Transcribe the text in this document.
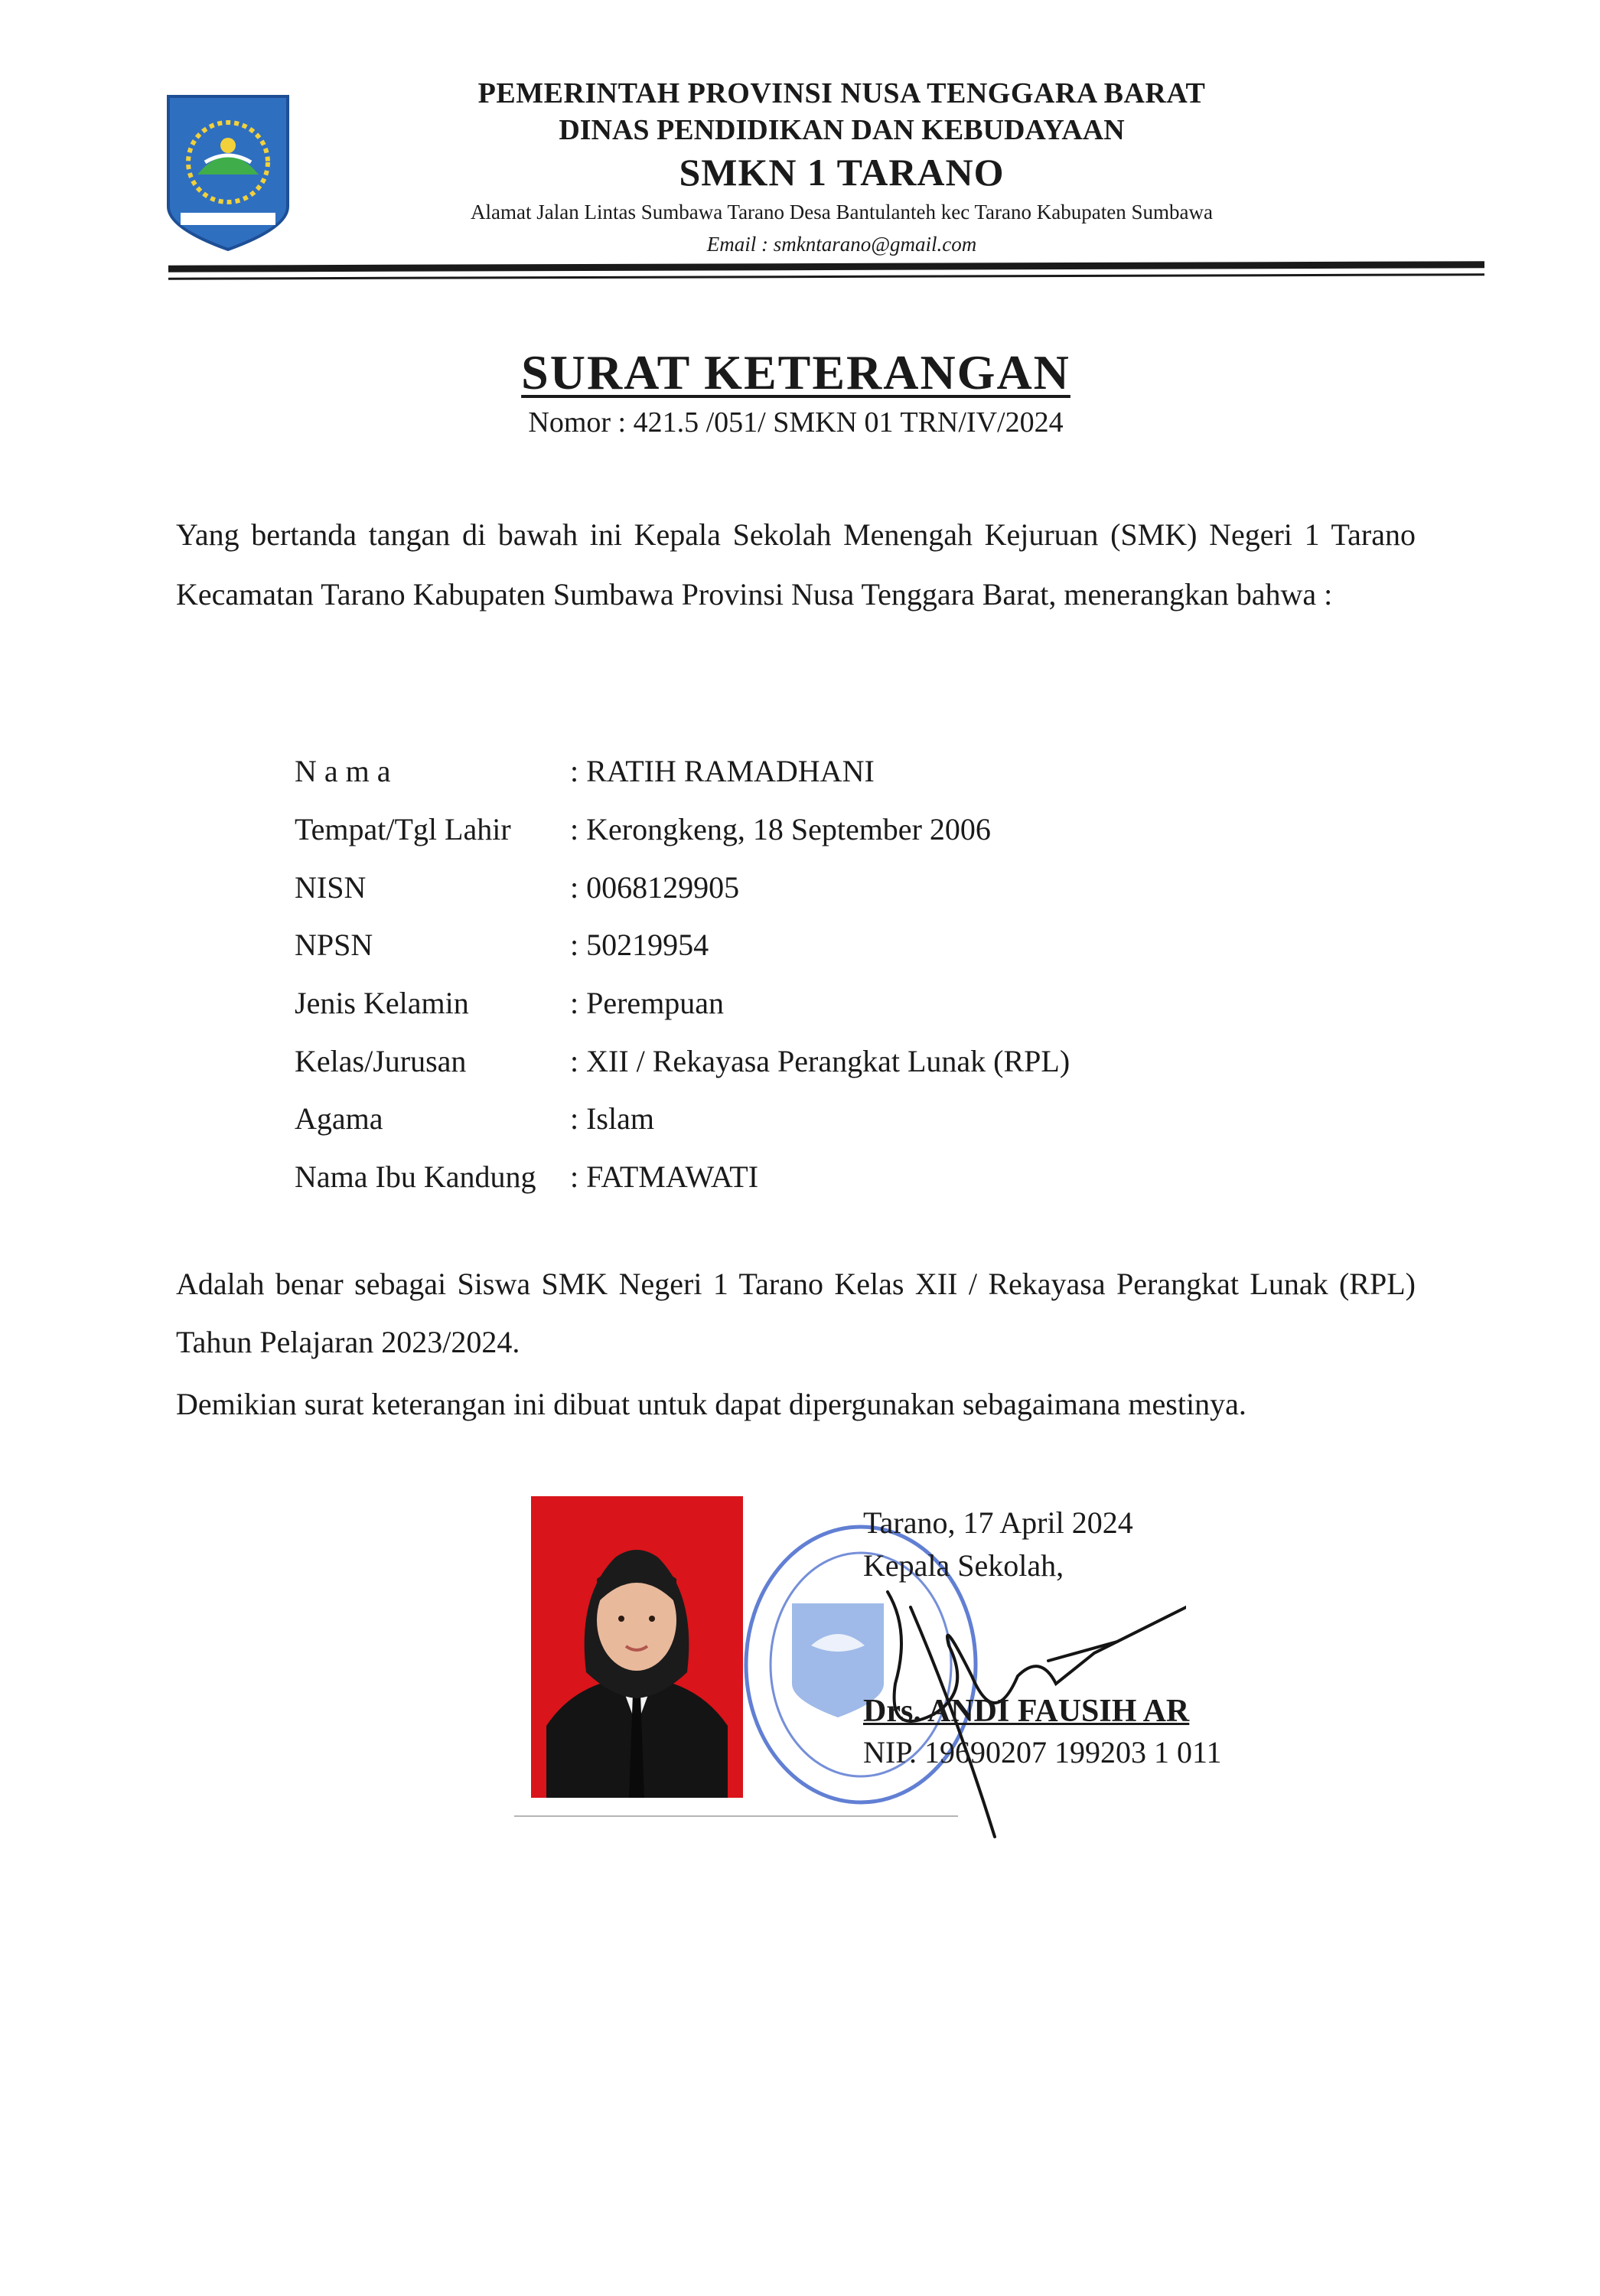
PEMERINTAH PROVINSI NUSA TENGGARA BARAT
DINAS PENDIDIKAN DAN KEBUDAYAAN
SMKN 1 TARANO
Alamat Jalan Lintas Sumbawa Tarano Desa Bantulanteh kec Tarano Kabupaten Sumbawa
Email : smkntarano@gmail.com
SURAT KETERANGAN
Nomor : 421.5 /051/ SMKN 01 TRN/IV/2024
Yang bertanda tangan di bawah ini Kepala Sekolah Menengah Kejuruan (SMK) Negeri 1 Tarano Kecamatan Tarano Kabupaten Sumbawa Provinsi Nusa Tenggara Barat, menerangkan bahwa :
N a m a	: RATIH RAMADHANI
Tempat/Tgl Lahir	: Kerongkeng, 18 September 2006
NISN	: 0068129905
NPSN	: 50219954
Jenis Kelamin	: Perempuan
Kelas/Jurusan	: XII / Rekayasa Perangkat Lunak (RPL)
Agama	: Islam
Nama Ibu Kandung	: FATMAWATI
Adalah benar sebagai Siswa SMK Negeri 1 Tarano Kelas XII / Rekayasa Perangkat Lunak (RPL) Tahun Pelajaran 2023/2024.
Demikian surat keterangan ini dibuat untuk dapat dipergunakan sebagaimana mestinya.
Tarano, 17 April 2024
Kepala Sekolah,
Drs. ANDI FAUSIH AR
NIP. 19690207 199203 1 011
